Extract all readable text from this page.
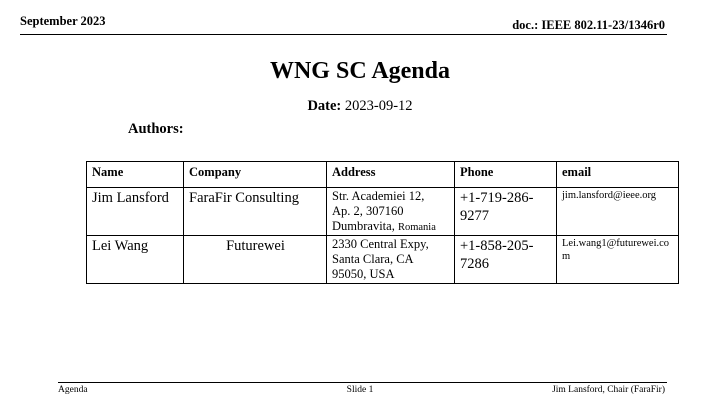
September 2023	doc.: IEEE 802.11-23/1346r0
WNG SC Agenda
Date: 2023-09-12
Authors:
Name	Company	Address	Phone	email
Jim Lansford	FaraFir Consulting	Str. Academiei 12,
Ap. 2, 307160
Dumbravita, Romania	+1-719-286-9277	jim.lansford@ieee.org
Lei Wang	Futurewei	2330 Central Expy,
Santa Clara, CA
95050, USA	+1-858-205-7286	Lei.wang1@futurewei.com
Agenda	Slide 1	Jim Lansford, Chair (FaraFir)
